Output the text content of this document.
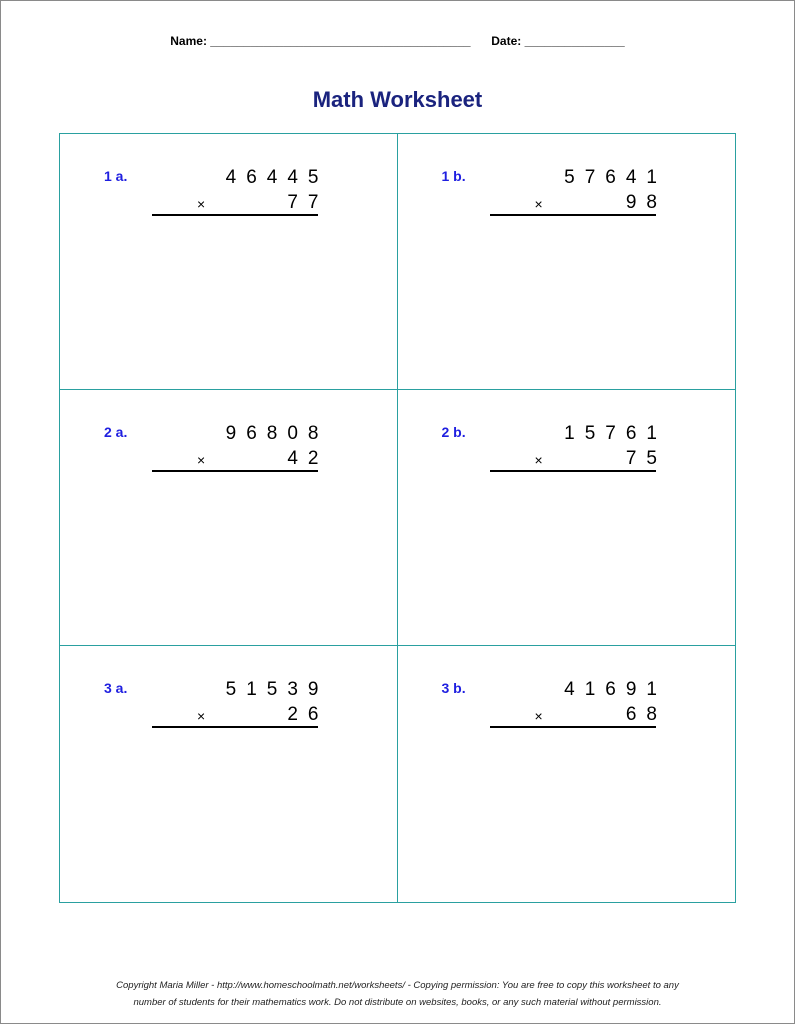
Name: _______________________________________ Date: _______________
Math Worksheet
1 a.	46445
×	77
1 b.	57641
×	98
2 a.	96808
×	42
2 b.	15761
×	75
3 a.	51539
×	26
3 b.	41691
×	68
Copyright Maria Miller - http://www.homeschoolmath.net/worksheets/ - Copying permission: You are free to copy this worksheet to any
number of students for their mathematics work. Do not distribute on websites, books, or any such material without permission.
